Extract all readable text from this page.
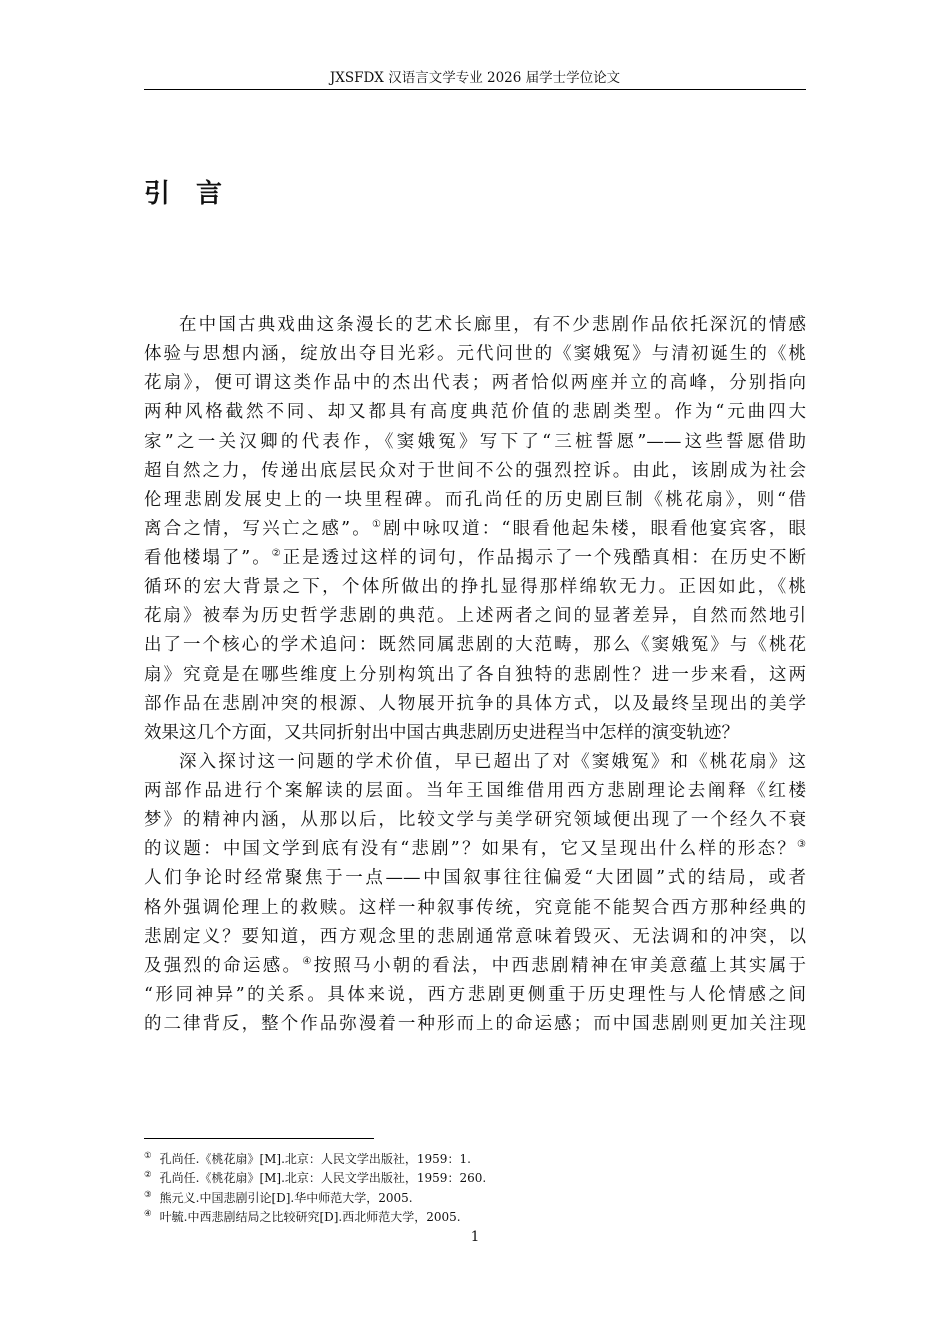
JXSFDX 汉语言文学专业 2026 届学士学位论文
引 言
在中国古典戏曲这条漫长的艺术长廊里，有不少悲剧作品依托深沉的情感
体验与思想内涵，绽放出夺目光彩。元代问世的《窦娥冤》与清初诞生的《桃
花扇》，便可谓这类作品中的杰出代表；两者恰似两座并立的高峰，分别指向
两种风格截然不同、却又都具有高度典范价值的悲剧类型。作为“元曲四大
家”之一关汉卿的代表作，《窦娥冤》写下了“三桩誓愿”——这些誓愿借助
超自然之力，传递出底层民众对于世间不公的强烈控诉。由此，该剧成为社会
伦理悲剧发展史上的一块里程碑。而孔尚任的历史剧巨制《桃花扇》，则“借
离合之情，写兴亡之感”。①剧中咏叹道：“眼看他起朱楼，眼看他宴宾客，眼
看他楼塌了”。②正是透过这样的词句，作品揭示了一个残酷真相：在历史不断
循环的宏大背景之下，个体所做出的挣扎显得那样绵软无力。正因如此，《桃
花扇》被奉为历史哲学悲剧的典范。上述两者之间的显著差异，自然而然地引
出了一个核心的学术追问：既然同属悲剧的大范畴，那么《窦娥冤》与《桃花
扇》究竟是在哪些维度上分别构筑出了各自独特的悲剧性？进一步来看，这两
部作品在悲剧冲突的根源、人物展开抗争的具体方式，以及最终呈现出的美学
效果这几个方面，又共同折射出中国古典悲剧历史进程当中怎样的演变轨迹？
深入探讨这一问题的学术价值，早已超出了对《窦娥冤》和《桃花扇》这
两部作品进行个案解读的层面。当年王国维借用西方悲剧理论去阐释《红楼
梦》的精神内涵，从那以后，比较文学与美学研究领域便出现了一个经久不衰
的议题：中国文学到底有没有“悲剧”？如果有，它又呈现出什么样的形态？③
人们争论时经常聚焦于一点——中国叙事往往偏爱“大团圆”式的结局，或者
格外强调伦理上的救赎。这样一种叙事传统，究竟能不能契合西方那种经典的
悲剧定义？要知道，西方观念里的悲剧通常意味着毁灭、无法调和的冲突，以
及强烈的命运感。④按照马小朝的看法，中西悲剧精神在审美意蕴上其实属于
“形同神异”的关系。具体来说，西方悲剧更侧重于历史理性与人伦情感之间
的二律背反，整个作品弥漫着一种形而上的命运感；而中国悲剧则更加关注现
① 孔尚任.《桃花扇》[M].北京：人民文学出版社，1959：1.
② 孔尚任.《桃花扇》[M].北京：人民文学出版社，1959：260.
③ 熊元义.中国悲剧引论[D].华中师范大学，2005.
④ 叶毓.中西悲剧结局之比较研究[D].西北师范大学，2005.
1
